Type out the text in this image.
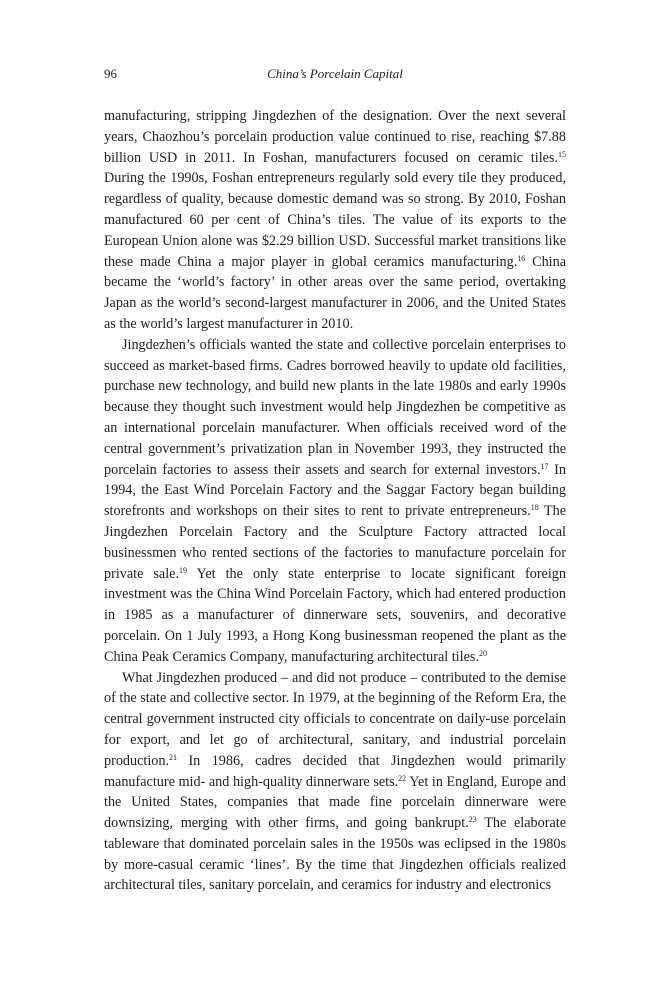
96	China’s Porcelain Capital

manufacturing, stripping Jingdezhen of the designation. Over the next several years, Chaozhou’s porcelain production value continued to rise, reaching $7.88 billion USD in 2011. In Foshan, manufacturers focused on ceramic tiles.$^{15}$ During the 1990s, Foshan entrepreneurs regularly sold every tile they produced, regardless of quality, because domestic demand was so strong. By 2010, Foshan manufactured 60 per cent of China’s tiles. The value of its exports to the European Union alone was $2.29 billion USD. Successful market transitions like these made China a major player in global ceramics manufacturing.$^{16}$ China became the ‘world’s factory’ in other areas over the same period, overtaking Japan as the world’s second-largest manufacturer in 2006, and the United States as the world’s largest manufacturer in 2010.

Jingdezhen’s officials wanted the state and collective porcelain enterprises to succeed as market-based firms. Cadres borrowed heavily to update old facilities, purchase new technology, and build new plants in the late 1980s and early 1990s because they thought such investment would help Jingdezhen be competitive as an international porcelain manufacturer. When officials received word of the central government’s privatization plan in November 1993, they instructed the porcelain factories to assess their assets and search for external investors.$^{17}$ In 1994, the East Wind Porcelain Factory and the Saggar Factory began building storefronts and workshops on their sites to rent to private entrepreneurs.$^{18}$ The Jingdezhen Porcelain Factory and the Sculpture Factory attracted local businessmen who rented sections of the factories to manufacture porcelain for private sale.$^{19}$ Yet the only state enterprise to locate significant foreign investment was the China Wind Porcelain Factory, which had entered production in 1985 as a manufacturer of dinnerware sets, souvenirs, and decorative porcelain. On 1 July 1993, a Hong Kong businessman reopened the plant as the China Peak Ceramics Company, manufacturing architectural tiles.$^{20}$

What Jingdezhen produced – and did not produce – contributed to the demise of the state and collective sector. In 1979, at the beginning of the Reform Era, the central government instructed city officials to concentrate on daily-use porcelain for export, and let go of architectural, sanitary, and industrial porcelain production.$^{21}$ In 1986, cadres decided that Jingdezhen would primarily manufacture mid- and high-quality dinnerware sets.$^{22}$ Yet in England, Europe and the United States, companies that made fine porcelain dinnerware were downsizing, merging with other firms, and going bankrupt.$^{23}$ The elaborate tableware that dominated porcelain sales in the 1950s was eclipsed in the 1980s by more-casual ceramic ‘lines’. By the time that Jingdezhen officials realized architectural tiles, sanitary porcelain, and ceramics for industry and electronics
